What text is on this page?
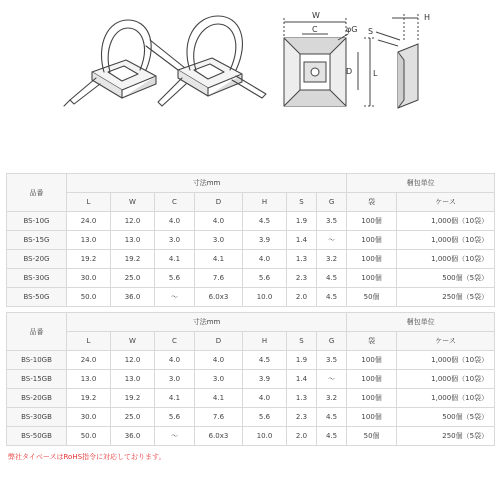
W
C	φG
D	L
H
S
品番	寸法mm							梱包単位	
	L	W	C	D	H	S	G	袋	ケース
BS-10G	24.0	12.0	4.0	4.0	4.5	1.9	3.5	100個	1,000個（10袋）
BS-15G	13.0	13.0	3.0	3.0	3.9	1.4	～	100個	1,000個（10袋）
BS-20G	19.2	19.2	4.1	4.1	4.0	1.3	3.2	100個	1,000個（10袋）
BS-30G	30.0	25.0	5.6	7.6	5.6	2.3	4.5	100個	500個（5袋）
BS-50G	50.0	36.0	～	6.0x3	10.0	2.0	4.5	50個	250個（5袋）
品番	寸法mm							梱包単位	
	L	W	C	D	H	S	G	袋	ケース
BS-10GB	24.0	12.0	4.0	4.0	4.5	1.9	3.5	100個	1,000個（10袋）
BS-15GB	13.0	13.0	3.0	3.0	3.9	1.4	～	100個	1,000個（10袋）
BS-20GB	19.2	19.2	4.1	4.1	4.0	1.3	3.2	100個	1,000個（10袋）
BS-30GB	30.0	25.0	5.6	7.6	5.6	2.3	4.5	100個	500個（5袋）
BS-50GB	50.0	36.0	～	6.0x3	10.0	2.0	4.5	50個	250個（5袋）
弊社タイベースはRoHS指令に対応しております。
